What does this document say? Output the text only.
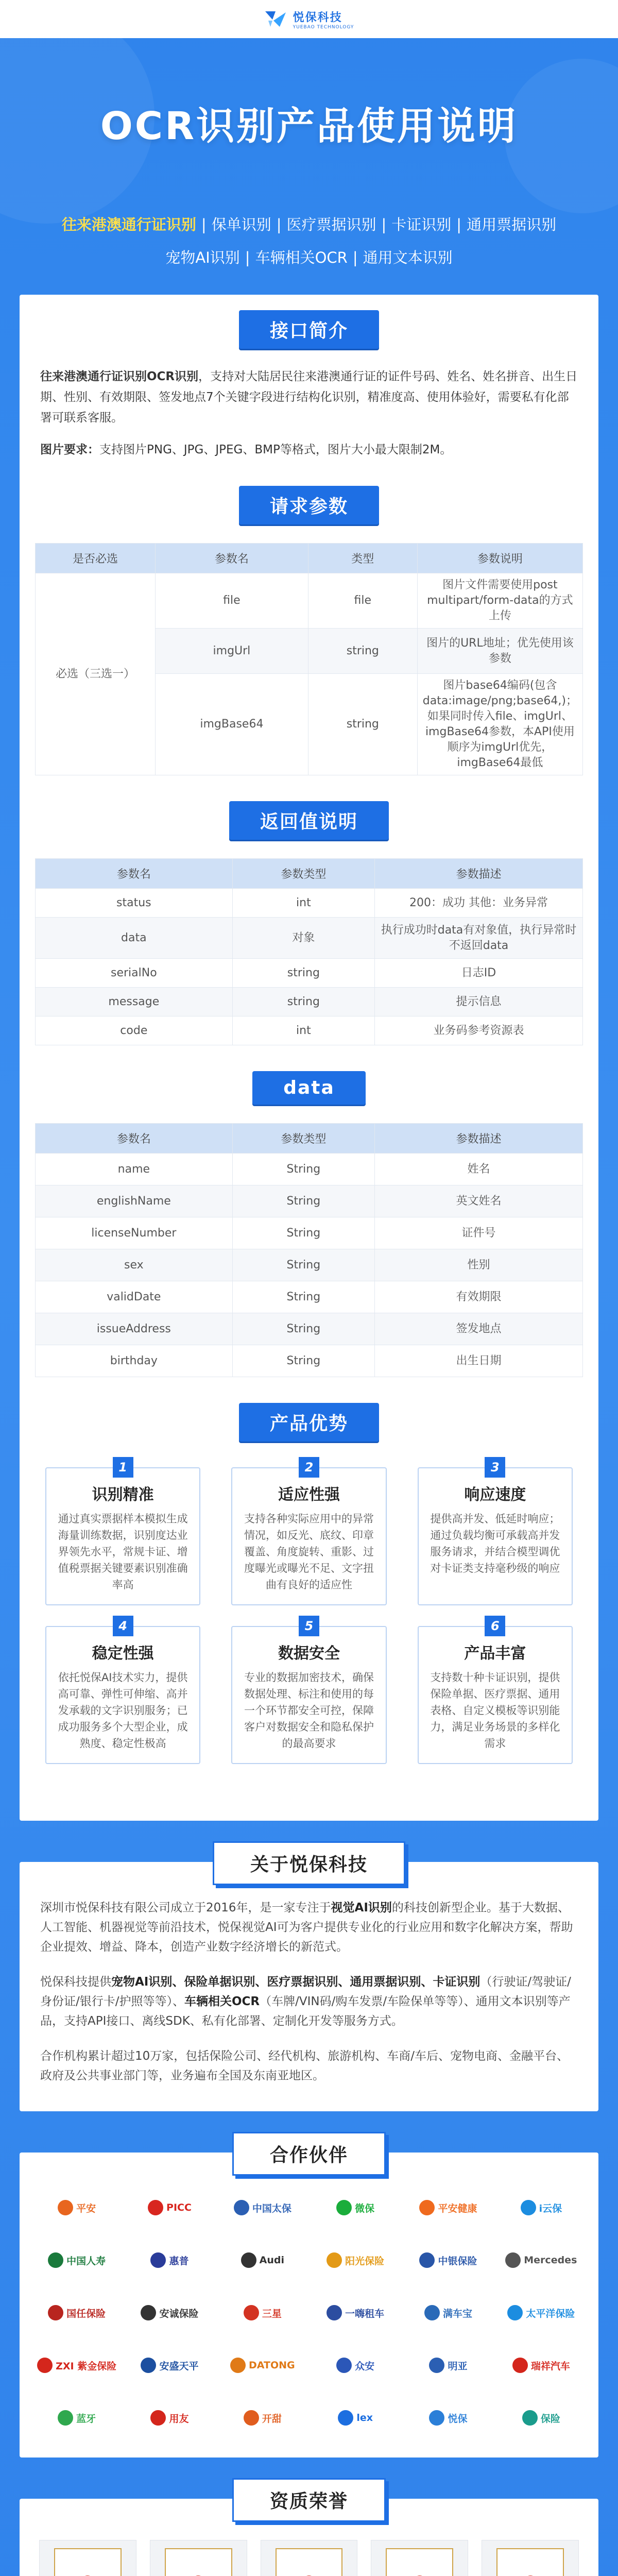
悦保科技
YUEBAO TECHNOLOGY
OCR识别产品使用说明
往来港澳通行证识别 | 保单识别 | 医疗票据识别 | 卡证识别 | 通用票据识别
宠物AI识别 | 车辆相关OCR | 通用文本识别
接口简介

往来港澳通行证识别OCR识别，支持对大陆居民往来港澳通行证的证件号码、姓名、姓名拼音、出生日期、性别、有效期限、签发地点7个关键字段进行结构化识别，精准度高、使用体验好，需要私有化部署可联系客服。

图片要求：支持图片PNG、JPG、JPEG、BMP等格式，图片大小最大限制2M。

请求参数
是否必选	参数名	类型	参数说明
必选（三选一）	file	file	图片文件需要使用post multipart/form-data的方式上传
	imgUrl	string	图片的URL地址；优先使用该参数
	imgBase64	string	图片base64编码(包含data:image/png;base64,)；如果同时传入file、imgUrl、imgBase64参数，本API使用顺序为imgUrl优先，imgBase64最低
返回值说明
参数名	参数类型	参数描述
status	int	200：成功 其他：业务异常
data	对象	执行成功时data有对象值，执行异常时不返回data
serialNo	string	日志ID
message	string	提示信息
code	int	业务码参考资源表
data
参数名	参数类型	参数描述
name	String	姓名
englishName	String	英文姓名
licenseNumber	String	证件号
sex	String	性别
validDate	String	有效期限
issueAddress	String	签发地点
birthday	String	出生日期
产品优势
1
识别精准

通过真实票据样本模拟生成海量训练数据，识别度达业界领先水平，常规卡证、增值税票据关键要素识别准确率高

2
适应性强

支持各种实际应用中的异常情况，如反光、底纹、印章覆盖、角度旋转、重影、过度曝光或曝光不足、文字扭曲有良好的适应性

3
响应速度

提供高并发、低延时响应；通过负载均衡可承载高并发服务请求，并结合模型调优对卡证类支持毫秒级的响应

4
稳定性强

依托悦保AI技术实力，提供高可靠、弹性可伸缩、高并发承载的文字识别服务；已成功服务多个大型企业，成熟度、稳定性极高

5
数据安全

专业的数据加密技术，确保数据处理、标注和使用的每一个环节都安全可控，保障客户对数据安全和隐私保护的最高要求

6
产品丰富

支持数十种卡证识别，提供保险单据、医疗票据、通用表格、自定义模板等识别能力，满足业务场景的多样化需求

关于悦保科技

深圳市悦保科技有限公司成立于2016年，是一家专注于视觉AI识别的科技创新型企业。基于大数据、人工智能、机器视觉等前沿技术，悦保视觉AI可为客户提供专业化的行业应用和数字化解决方案，帮助企业提效、增益、降本，创造产业数字经济增长的新范式。

悦保科技提供宠物AI识别、保险单据识别、医疗票据识别、通用票据识别、卡证识别（行驶证/驾驶证/身份证/银行卡/护照等等）、车辆相关OCR（车牌/VIN码/购车发票/车险保单等等）、通用文本识别等产品，支持API接口、离线SDK、私有化部署、定制化开发等服务方式。

合作机构累计超过10万家，包括保险公司、经代机构、旅游机构、车商/车后、宠物电商、金融平台、政府及公共事业部门等，业务遍布全国及东南亚地区。

合作伙伴
平安	PICC	中国太保	微保	平安健康	i云保
中国人寿	惠普	Audi	阳光保险	中银保险	Mercedes
国任保险	安诚保险	三星	一嗨租车	满车宝	太平洋保险
ZXI 紫金保险	安盛天平	DATONG	众安	明亚	瑞祥汽车
蓝牙	用友	开甜	lex	悦保	保险
资质荣誉
